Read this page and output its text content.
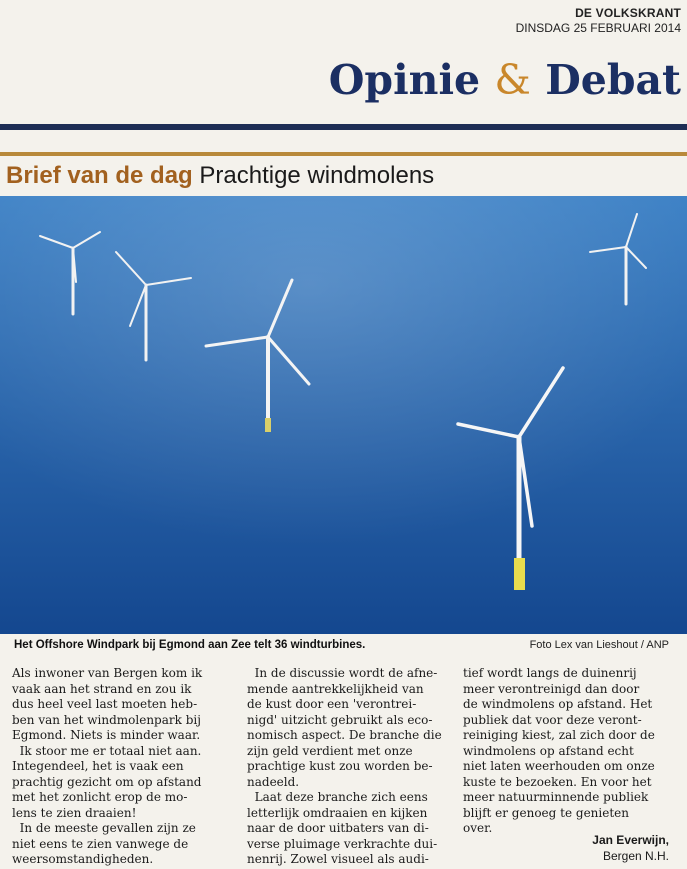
DE VOLKSKRANT
DINSDAG 25 FEBRUARI 2014
Opinie & Debat
Brief van de dag Prachtige windmolens
Het Offshore Windpark bij Egmond aan Zee telt 36 windturbines.	Foto Lex van Lieshout / ANP
Als inwoner van Bergen kom ik
vaak aan het strand en zou ik
dus heel veel last moeten heb-
ben van het windmolenpark bij
Egmond. Niets is minder waar.
Ik stoor me er totaal niet aan.
Integendeel, het is vaak een
prachtig gezicht om op afstand
met het zonlicht erop de mo-
lens te zien draaien!
In de meeste gevallen zijn ze
niet eens te zien vanwege de
weersomstandigheden.
In de discussie wordt de afne-
mende aantrekkelijkheid van
de kust door een 'verontrei-
nigd' uitzicht gebruikt als eco-
nomisch aspect. De branche die
zijn geld verdient met onze
prachtige kust zou worden be-
nadeeld.
Laat deze branche zich eens
letterlijk omdraaien en kijken
naar de door uitbaters van di-
verse pluimage verkrachte dui-
nenrij. Zowel visueel als audi-
tief wordt langs de duinenrij
meer verontreinigd dan door
de windmolens op afstand. Het
publiek dat voor deze veront-
reiniging kiest, zal zich door de
windmolens op afstand echt
niet laten weerhouden om onze
kuste te bezoeken. En voor het
meer natuurminnende publiek
blijft er genoeg te genieten
over.
Jan Everwijn,
Bergen N.H.
